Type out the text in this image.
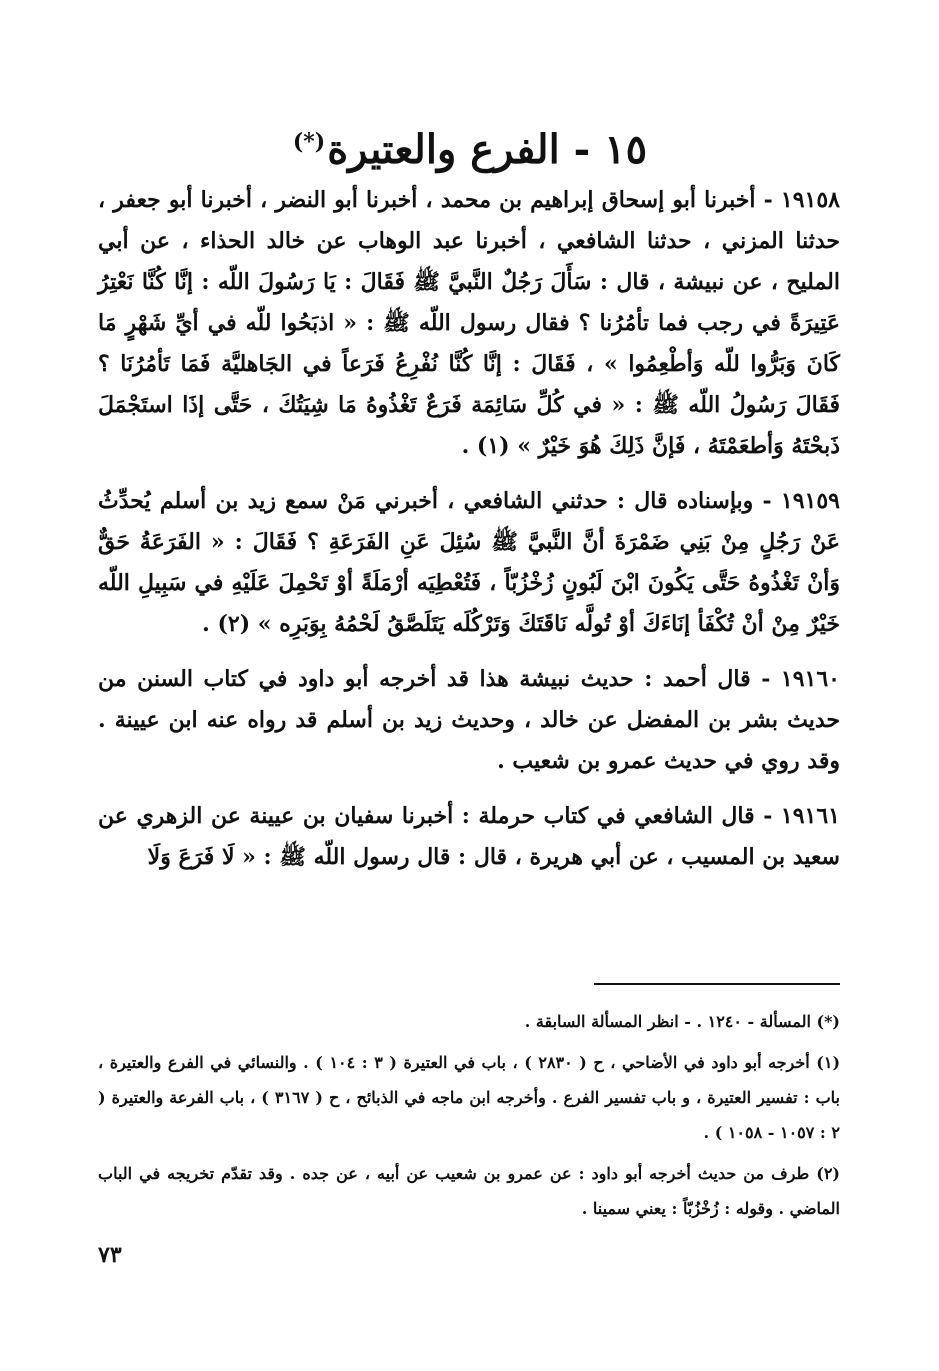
١٥ - الفرع والعتيرة(*)

١٩١٥٨ - أخبرنا أبو إسحاق إبراهيم بن محمد ، أخبرنا أبو النضر ، أخبرنا أبو جعفر ، حدثنا المزني ، حدثنا الشافعي ، أخبرنا عبد الوهاب عن خالد الحذاء ، عن أبي المليح ، عن نبيشة ، قال : سَأَلَ رَجُلٌ النَّبيَّ ﷺ فَقَالَ : يَا رَسُولَ اللّه : إنَّا كُنَّا نَعْتِرُ عَتِيرَةً في رجب فما تأمُرُنا ؟ فقال رسول اللّه ﷺ : « اذبَحُوا للّه في أيِّ شَهْرٍ مَا كَانَ وَبَرُّوا للّه وَأطْعِمُوا » ، فَقَالَ : إنَّا كُنَّا نُفْرِعُ فَرَعاً في الجَاهليَّة فَمَا تَأمُرُنَا ؟ فَقَالَ رَسُولُ اللّه ﷺ : « في كُلِّ سَائِمَة فَرَعٌ تَغْذُوهُ مَا شِيَتُكَ ، حَتَّى إذَا استَجْمَلَ ذَبحْتَهُ وَأطعَمْتَهُ ، فَإنَّ ذَلِكَ هُوَ خَيْرٌ » (١) .

١٩١٥٩ - وبإسناده قال : حدثني الشافعي ، أخبرني مَنْ سمع زيد بن أسلم يُحدِّثُ عَنْ رَجُلٍ مِنْ بَنِي ضَمْرَةَ أنَّ النَّبيَّ ﷺ سُئِلَ عَنِ الفَرَعَةِ ؟ فَقَالَ : « الفَرَعَةُ حَقٌّ وَأنْ تَغْذُوهُ حَتَّى يَكُونَ ابْنَ لَبُونٍ زُخْزُبّاً ، فَتُعْطِيَه أرْمَلَةً أوْ تَحْمِلَ عَلَيْهِ في سَبِيلِ اللّه خَيْرٌ مِنْ أنْ تُكْفَأ إنَاءَكَ أوْ تُولَّه نَاقَتَكَ وَتَرْكُلَه يَتَلَصَّقُ لَحْمُهُ بِوَبَرِه » (٢) .

١٩١٦٠ - قال أحمد : حديث نبيشة هذا قد أخرجه أبو داود في كتاب السنن من حديث بشر بن المفضل عن خالد ، وحديث زيد بن أسلم قد رواه عنه ابن عيينة . وقد روي في حديث عمرو بن شعيب .

١٩١٦١ - قال الشافعي في كتاب حرملة : أخبرنا سفيان بن عيينة عن الزهري عن سعيد بن المسيب ، عن أبي هريرة ، قال : قال رسول اللّه ﷺ : « لَا فَرَعَ وَلَا

(*) المسألة - ١٢٤٠ . - انظر المسألة السابقة .

(١) أخرجه أبو داود في الأضاحي ، ح ( ٢٨٣٠ ) ، باب في العتيرة ( ٣ : ١٠٤ ) . والنسائي في الفرع والعتيرة ، باب : تفسير العتيرة ، و باب تفسير الفرع . وأخرجه ابن ماجه في الذبائح ، ح ( ٣١٦٧ ) ، باب الفرعة والعتيرة ( ٢ : ١٠٥٧ - ١٠٥٨ ) .

(٢) طرف من حديث أخرجه أبو داود : عن عمرو بن شعيب عن أبيه ، عن جده . وقد تقدّم تخريجه في الباب الماضي . وقوله : زُخْزُبّاً : يعني سمينا .

٧٣
